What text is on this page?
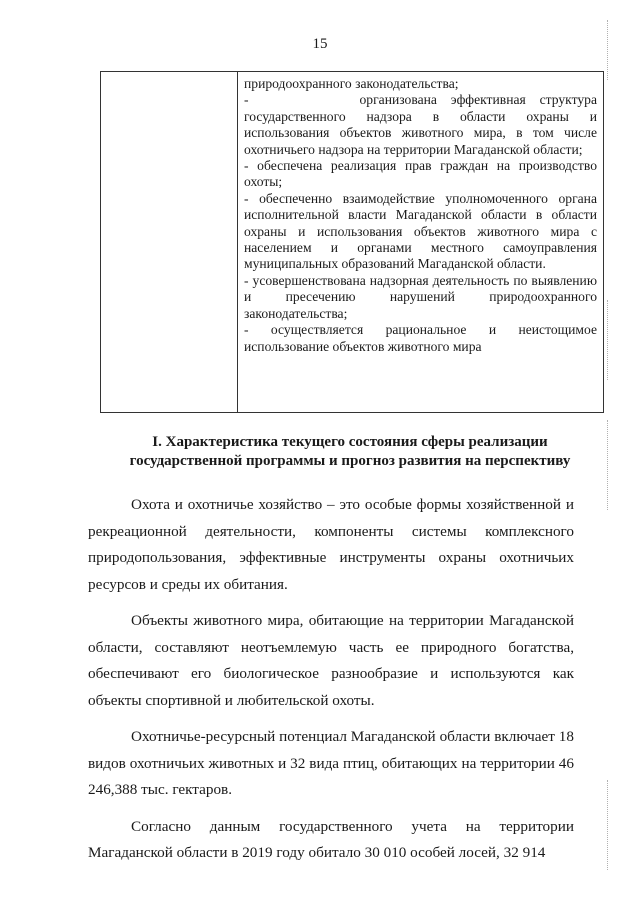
15

природоохранного законодательства;

-        организована эффективная структура государственного надзора в области охраны и использования объектов животного мира, в том числе охотничьего надзора на территории Магаданской области;

- обеспечена реализация прав граждан на производство охоты;

- обеспеченно взаимодействие уполномоченного органа исполнительной власти Магаданской области в области охраны и использования объектов животного мира с населением и органами местного самоуправления муниципальных образований Магаданской области.

- усовершенствована надзорная деятельность по выявлению и пресечению нарушений природоохранного законодательства;

- осуществляется рациональное и неистощимое использование объектов животного мира

I. Характеристика текущего состояния сферы реализации
государственной программы и прогноз развития на перспективу

Охота и охотничье хозяйство – это особые формы хозяйственной и рекреационной деятельности, компоненты системы комплексного природопользования, эффективные инструменты охраны охотничьих ресурсов и среды их обитания.

Объекты животного мира, обитающие на территории Магаданской области, составляют неотъемлемую часть ее природного богатства, обеспечивают его биологическое разнообразие и используются как объекты спортивной и любительской охоты.

Охотничье-ресурсный потенциал Магаданской области включает 18 видов охотничьих животных и 32 вида птиц, обитающих на территории 46 246,388 тыс. гектаров.

Согласно данным государственного учета на территории Магаданской области в 2019 году обитало 30 010 особей лосей, 32 914
